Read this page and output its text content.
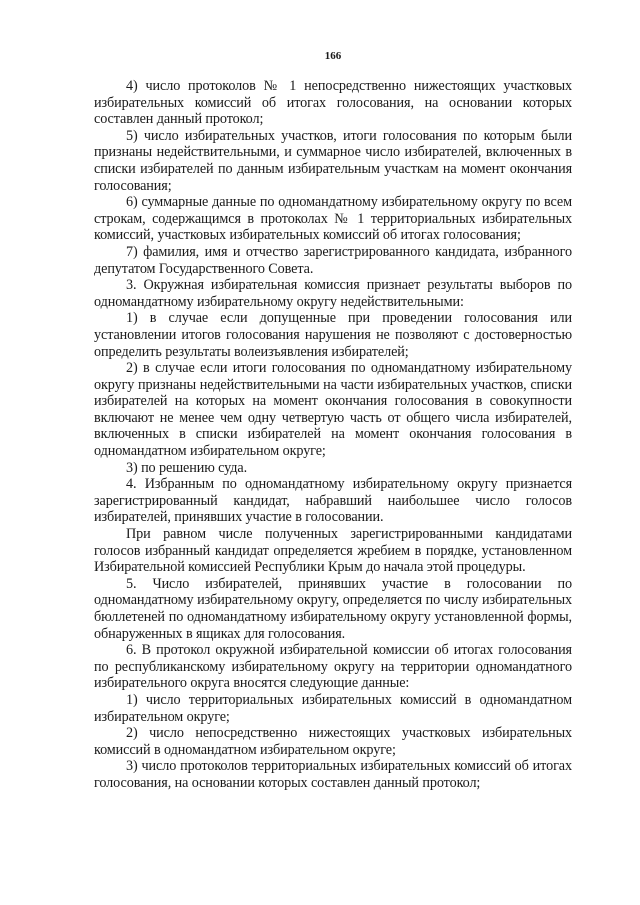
166

4) число протоколов № 1 непосредственно нижестоящих участковых избирательных комиссий об итогах голосования, на основании которых составлен данный протокол;

5) число избирательных участков, итоги голосования по которым были признаны недействительными, и суммарное число избирателей, включенных в списки избирателей по данным избирательным участкам на момент окончания голосования;

6) суммарные данные по одномандатному избирательному округу по всем строкам, содержащимся в протоколах № 1 территориальных избирательных комиссий, участковых избирательных комиссий об итогах голосования;

7) фамилия, имя и отчество зарегистрированного кандидата, избранного депутатом Государственного Совета.

3. Окружная избирательная комиссия признает результаты выборов по одномандатному избирательному округу недействительными:

1) в случае если допущенные при проведении голосования или установлении итогов голосования нарушения не позволяют с достоверностью определить результаты волеизъявления избирателей;

2) в случае если итоги голосования по одномандатному избирательному округу признаны недействительными на части избирательных участков, списки избирателей на которых на момент окончания голосования в совокупности включают не менее чем одну четвертую часть от общего числа избирателей, включенных в списки избирателей на момент окончания голосования в одномандатном избирательном округе;

3) по решению суда.

4. Избранным по одномандатному избирательному округу признается зарегистрированный кандидат, набравший наибольшее число голосов избирателей, принявших участие в голосовании.

При равном числе полученных зарегистрированными кандидатами голосов избранный кандидат определяется жребием в порядке, установленном Избирательной комиссией Республики Крым до начала этой процедуры.

5. Число избирателей, принявших участие в голосовании по одномандатному избирательному округу, определяется по числу избирательных бюллетеней по одномандатному избирательному округу установленной формы, обнаруженных в ящиках для голосования.

6. В протокол окружной избирательной комиссии об итогах голосования по республиканскому избирательному округу на территории одномандатного избирательного округа вносятся следующие данные:

1) число территориальных избирательных комиссий в одномандатном избирательном округе;

2) число непосредственно нижестоящих участковых избирательных комиссий в одномандатном избирательном округе;

3) число протоколов территориальных избирательных комиссий об итогах голосования, на основании которых составлен данный протокол;
